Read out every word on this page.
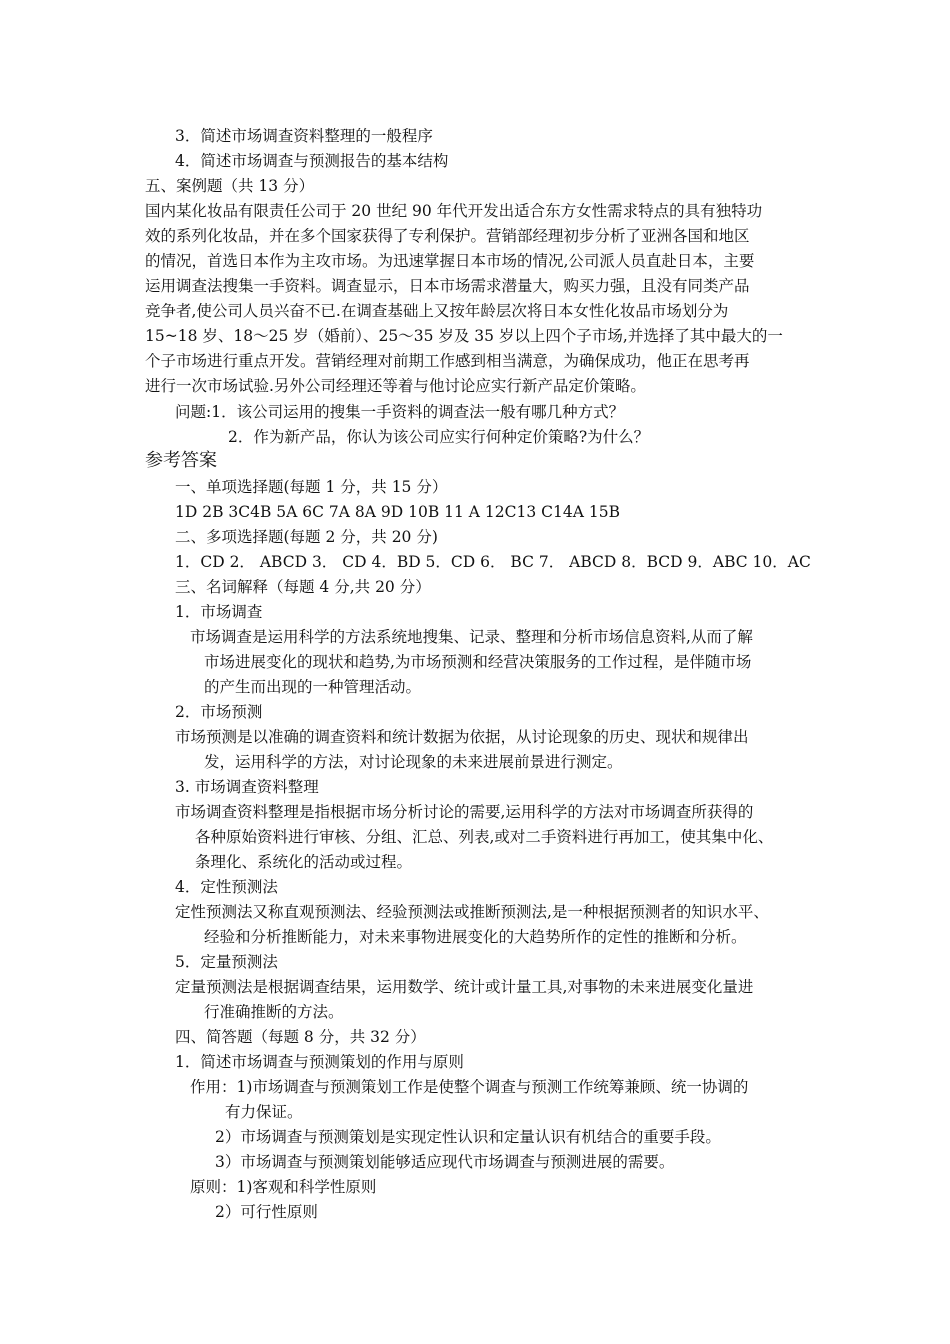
3．简述市场调查资料整理的一般程序
4．简述市场调查与预测报告的基本结构
五、案例题（共 13 分）
国内某化妆品有限责任公司于 20 世纪 90 年代开发出适合东方女性需求特点的具有独特功
效的系列化妆品，并在多个国家获得了专利保护。营销部经理初步分析了亚洲各国和地区
的情况，首选日本作为主攻市场。为迅速掌握日本市场的情况,公司派人员直赴日本，主要
运用调查法搜集一手资料。调查显示，日本市场需求潜量大，购买力强，且没有同类产品
竞争者,使公司人员兴奋不已.在调查基础上又按年龄层次将日本女性化妆品市场划分为
15~18 岁、18～25 岁（婚前）、25～35 岁及 35 岁以上四个子市场,并选择了其中最大的一
个子市场进行重点开发。营销经理对前期工作感到相当满意，为确保成功，他正在思考再
进行一次市场试验.另外公司经理还等着与他讨论应实行新产品定价策略。
问题:1．该公司运用的搜集一手资料的调查法一般有哪几种方式？
2．作为新产品，你认为该公司应实行何种定价策略?为什么？
参考答案
一、单项选择题(每题 1 分，共 15 分）
1D 2B 3C4B 5A 6C 7A 8A 9D 10B 11 A 12C13 C14A 15B
二、多项选择题(每题 2 分，共 20 分)
1．CD 2． ABCD 3． CD 4．BD 5．CD 6． BC 7． ABCD 8．BCD 9．ABC 10．AC
三、名词解释（每题 4 分,共 20 分）
1．市场调查
市场调查是运用科学的方法系统地搜集、记录、整理和分析市场信息资料,从而了解
市场进展变化的现状和趋势,为市场预测和经营决策服务的工作过程，是伴随市场
的产生而出现的一种管理活动。
2．市场预测
市场预测是以准确的调查资料和统计数据为依据，从讨论现象的历史、现状和规律出
发，运用科学的方法，对讨论现象的未来进展前景进行测定。
3. 市场调查资料整理
市场调查资料整理是指根据市场分析讨论的需要,运用科学的方法对市场调查所获得的
各种原始资料进行审核、分组、汇总、列表,或对二手资料进行再加工，使其集中化、
条理化、系统化的活动或过程。
4．定性预测法
定性预测法又称直观预测法、经验预测法或推断预测法,是一种根据预测者的知识水平、
经验和分析推断能力，对未来事物进展变化的大趋势所作的定性的推断和分析。
5．定量预测法
定量预测法是根据调查结果，运用数学、统计或计量工具,对事物的未来进展变化量进
行准确推断的方法。
四、简答题（每题 8 分，共 32 分）
1．简述市场调查与预测策划的作用与原则
作用：1)市场调查与预测策划工作是使整个调查与预测工作统筹兼顾、统一协调的
有力保证。
2）市场调查与预测策划是实现定性认识和定量认识有机结合的重要手段。
3）市场调查与预测策划能够适应现代市场调查与预测进展的需要。
原则：1)客观和科学性原则
2）可行性原则
